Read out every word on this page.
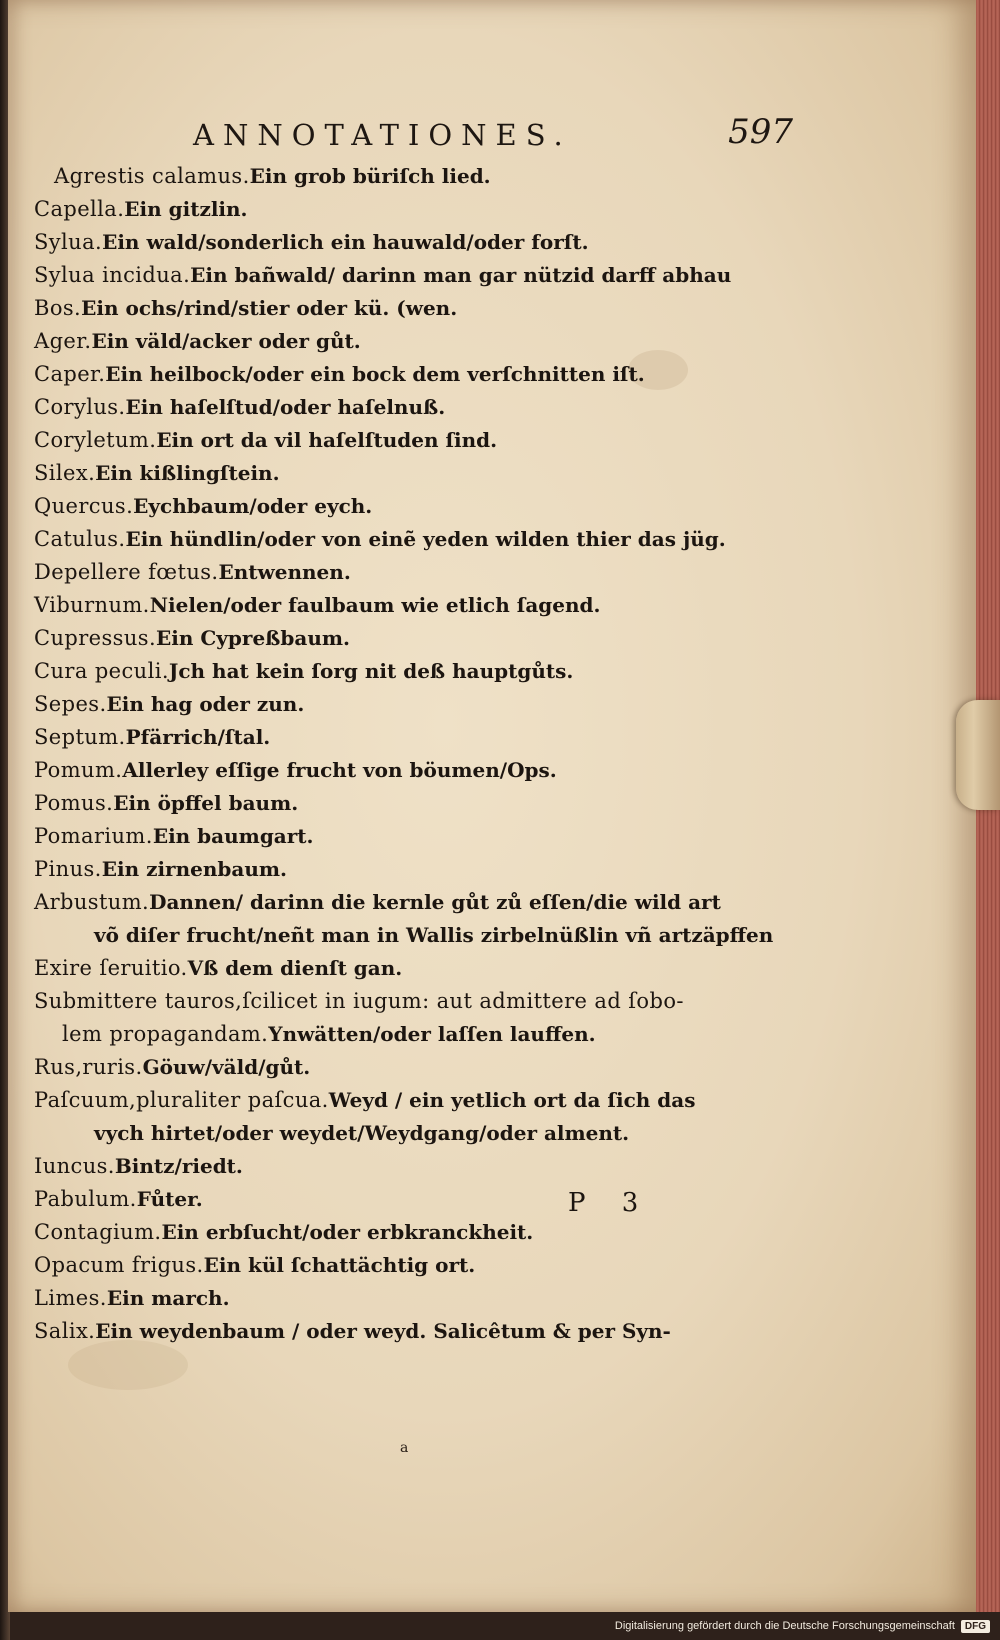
ANNOTATIONES.	597
Agrestis calamus.Ein grob büriſch lied.
Capella.Ein gitzlin.
Sylua.Ein wald/sonderlich ein hauwald/oder forſt.
Sylua incidua.Ein bañwald/ darinn man gar nützid darff abhau
Bos.Ein ochs/rind/stier oder kü. (wen.
Ager.Ein väld/acker oder gůt.
Caper.Ein heilbock/oder ein bock dem verſchnitten iſt.
Corylus.Ein haſelſtud/oder haſelnuß.
Coryletum.Ein ort da vil haſelſtuden ſind.
Silex.Ein kißlingſtein.
Quercus.Eychbaum/oder eych.
Catulus.Ein hündlin/oder von einẽ yeden wilden thier das jüg.
Depellere fœtus.Entwennen.
Viburnum.Nielen/oder faulbaum wie etlich ſagend.
Cupressus.Ein Cypreßbaum.
Cura peculi.Jch hat kein ſorg nit deß hauptgůts.
Sepes.Ein hag oder zun.
Septum.Pfärrich/ſtal.
Pomum.Allerley eſſige frucht von böumen/Ops.
Pomus.Ein öpffel baum.
Pomarium.Ein baumgart.
Pinus.Ein zirnenbaum.
Arbustum.Dannen/ darinn die kernle gůt zů eſſen/die wild art
võ diſer frucht/neñt man in Wallis zirbelnüßlin vñ artzäpffen
Exire ſeruitio.Vß dem dienſt gan.
Submittere tauros,ſcilicet in iugum: aut admittere ad ſobo-
lem propagandam.Ynwätten/oder laſſen lauffen.
Rus,ruris.Göuw/väld/gůt.
Paſcuum,pluraliter paſcua.Weyd / ein yetlich ort da ſich das
vych hirtet/oder weydet/Weydgang/oder alment.
Iuncus.Bintz/riedt.
Pabulum.Fůter.
Contagium.Ein erbſucht/oder erbkranckheit.
Opacum frigus.Ein kül ſchattächtig ort.
Limes.Ein march.
Salix.Ein weydenbaum / oder weyd. Salicêtum & per Syn-
P 3
a
Digitalisierung gefördert durch die Deutsche Forschungsgemeinschaft	DFG
